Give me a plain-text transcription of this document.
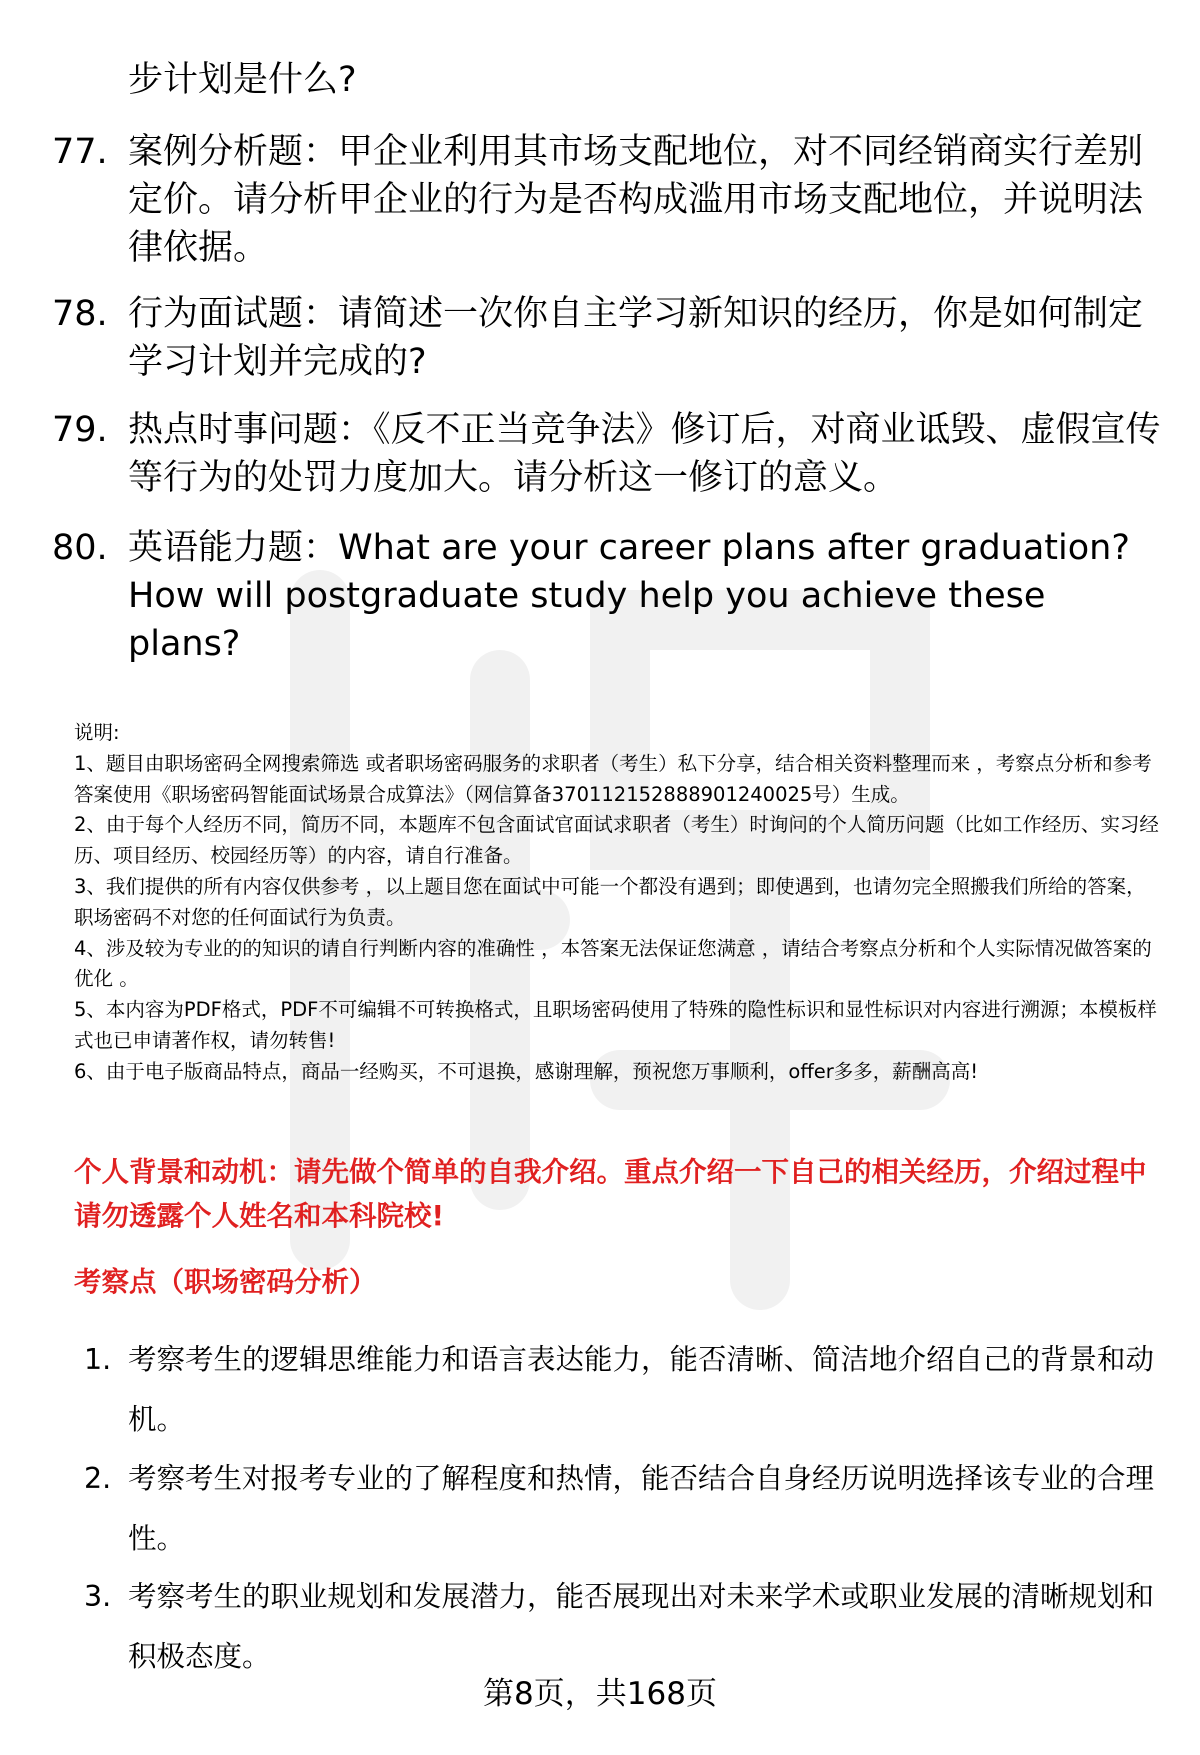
步计划是什么?
77. 案例分析题：甲企业利用其市场支配地位，对不同经销商实行差别定价。请分析甲企业的行为是否构成滥用市场支配地位，并说明法律依据。
78. 行为面试题：请简述一次你自主学习新知识的经历，你是如何制定学习计划并完成的?
79. 热点时事问题：《反不正当竞争法》修订后，对商业诋毁、虚假宣传等行为的处罚力度加大。请分析这一修订的意义。
80. 英语能力题：What are your career plans after graduation? How will postgraduate study help you achieve these plans?

说明:

1、题目由职场密码全网搜索筛选 或者职场密码服务的求职者（考生）私下分享，结合相关资料整理而来 ，考察点分析和参考答案使用《职场密码智能面试场景合成算法》（网信算备370112152888901240025号）生成。

2、由于每个人经历不同，简历不同，本题库不包含面试官面试求职者（考生）时询问的个人简历问题（比如工作经历、实习经历、项目经历、校园经历等）的内容，请自行准备。

3、我们提供的所有内容仅供参考 ，以上题目您在面试中可能一个都没有遇到；即使遇到，也请勿完全照搬我们所给的答案，职场密码不对您的任何面试行为负责。

4、涉及较为专业的的知识的请自行判断内容的准确性 ，本答案无法保证您满意 ，请结合考察点分析和个人实际情况做答案的优化 。

5、本内容为PDF格式，PDF不可编辑不可转换格式，且职场密码使用了特殊的隐性标识和显性标识对内容进行溯源；本模板样式也已申请著作权，请勿转售!

6、由于电子版商品特点，商品一经购买，不可退换，感谢理解，预祝您万事顺利，offer多多，薪酬高高!

个人背景和动机：请先做个简单的自我介绍。重点介绍一下自己的相关经历，介绍过程中请勿透露个人姓名和本科院校!
考察点（职场密码分析）
1. 考察考生的逻辑思维能力和语言表达能力，能否清晰、简洁地介绍自己的背景和动机。
2. 考察考生对报考专业的了解程度和热情，能否结合自身经历说明选择该专业的合理性。
3. 考察考生的职业规划和发展潜力，能否展现出对未来学术或职业发展的清晰规划和积极态度。
第8页，共168页
